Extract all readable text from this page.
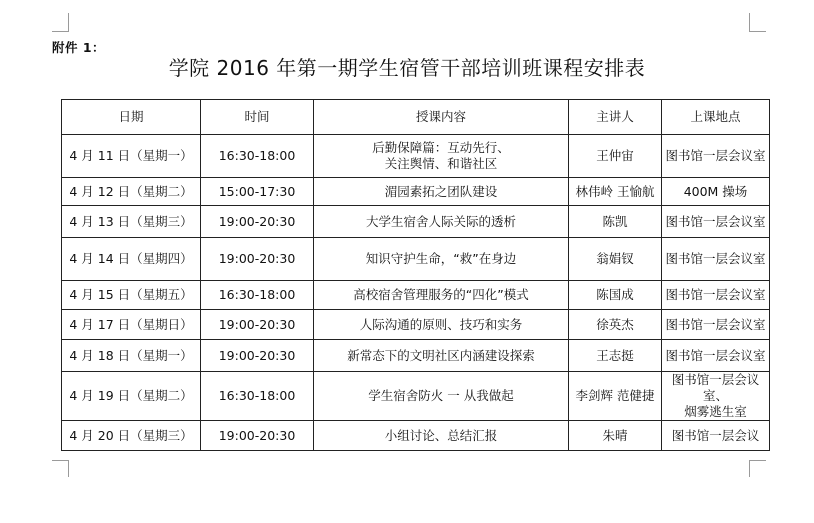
附件 1：
学院 2016 年第一期学生宿管干部培训班课程安排表
日期	时间	授课内容	主讲人	上课地点
4 月 11 日（星期一）	16:30-18:00	后勤保障篇：互动先行、
关注舆情、和谐社区	王仲宙	图书馆一层会议室

4 月 12 日（星期二）	15:00-17:30	湄园素拓之团队建设	林伟岭 王愉航	400M 操场

4 月 13 日（星期三）	19:00-20:30	大学生宿舍人际关际的透析	陈凯	图书馆一层会议室

4 月 14 日（星期四）	19:00-20:30	知识守护生命，“救”在身边	翁娟钗	图书馆一层会议室

4 月 15 日（星期五）	16:30-18:00	高校宿舍管理服务的“四化”模式	陈国成	图书馆一层会议室

4 月 17 日（星期日）	19:00-20:30	人际沟通的原则、技巧和实务	徐英杰	图书馆一层会议室

4 月 18 日（星期一）	19:00-20:30	新常态下的文明社区内涵建设探索	王志挺	图书馆一层会议室

4 月 19 日（星期二）	16:30-18:00	学生宿舍防火 一 从我做起	李剑辉 范健捷	图书馆一层会议室、
烟雾逃生室

4 月 20 日（星期三）	19:00-20:30	小组讨论、总结汇报	朱晴	图书馆一层会议
